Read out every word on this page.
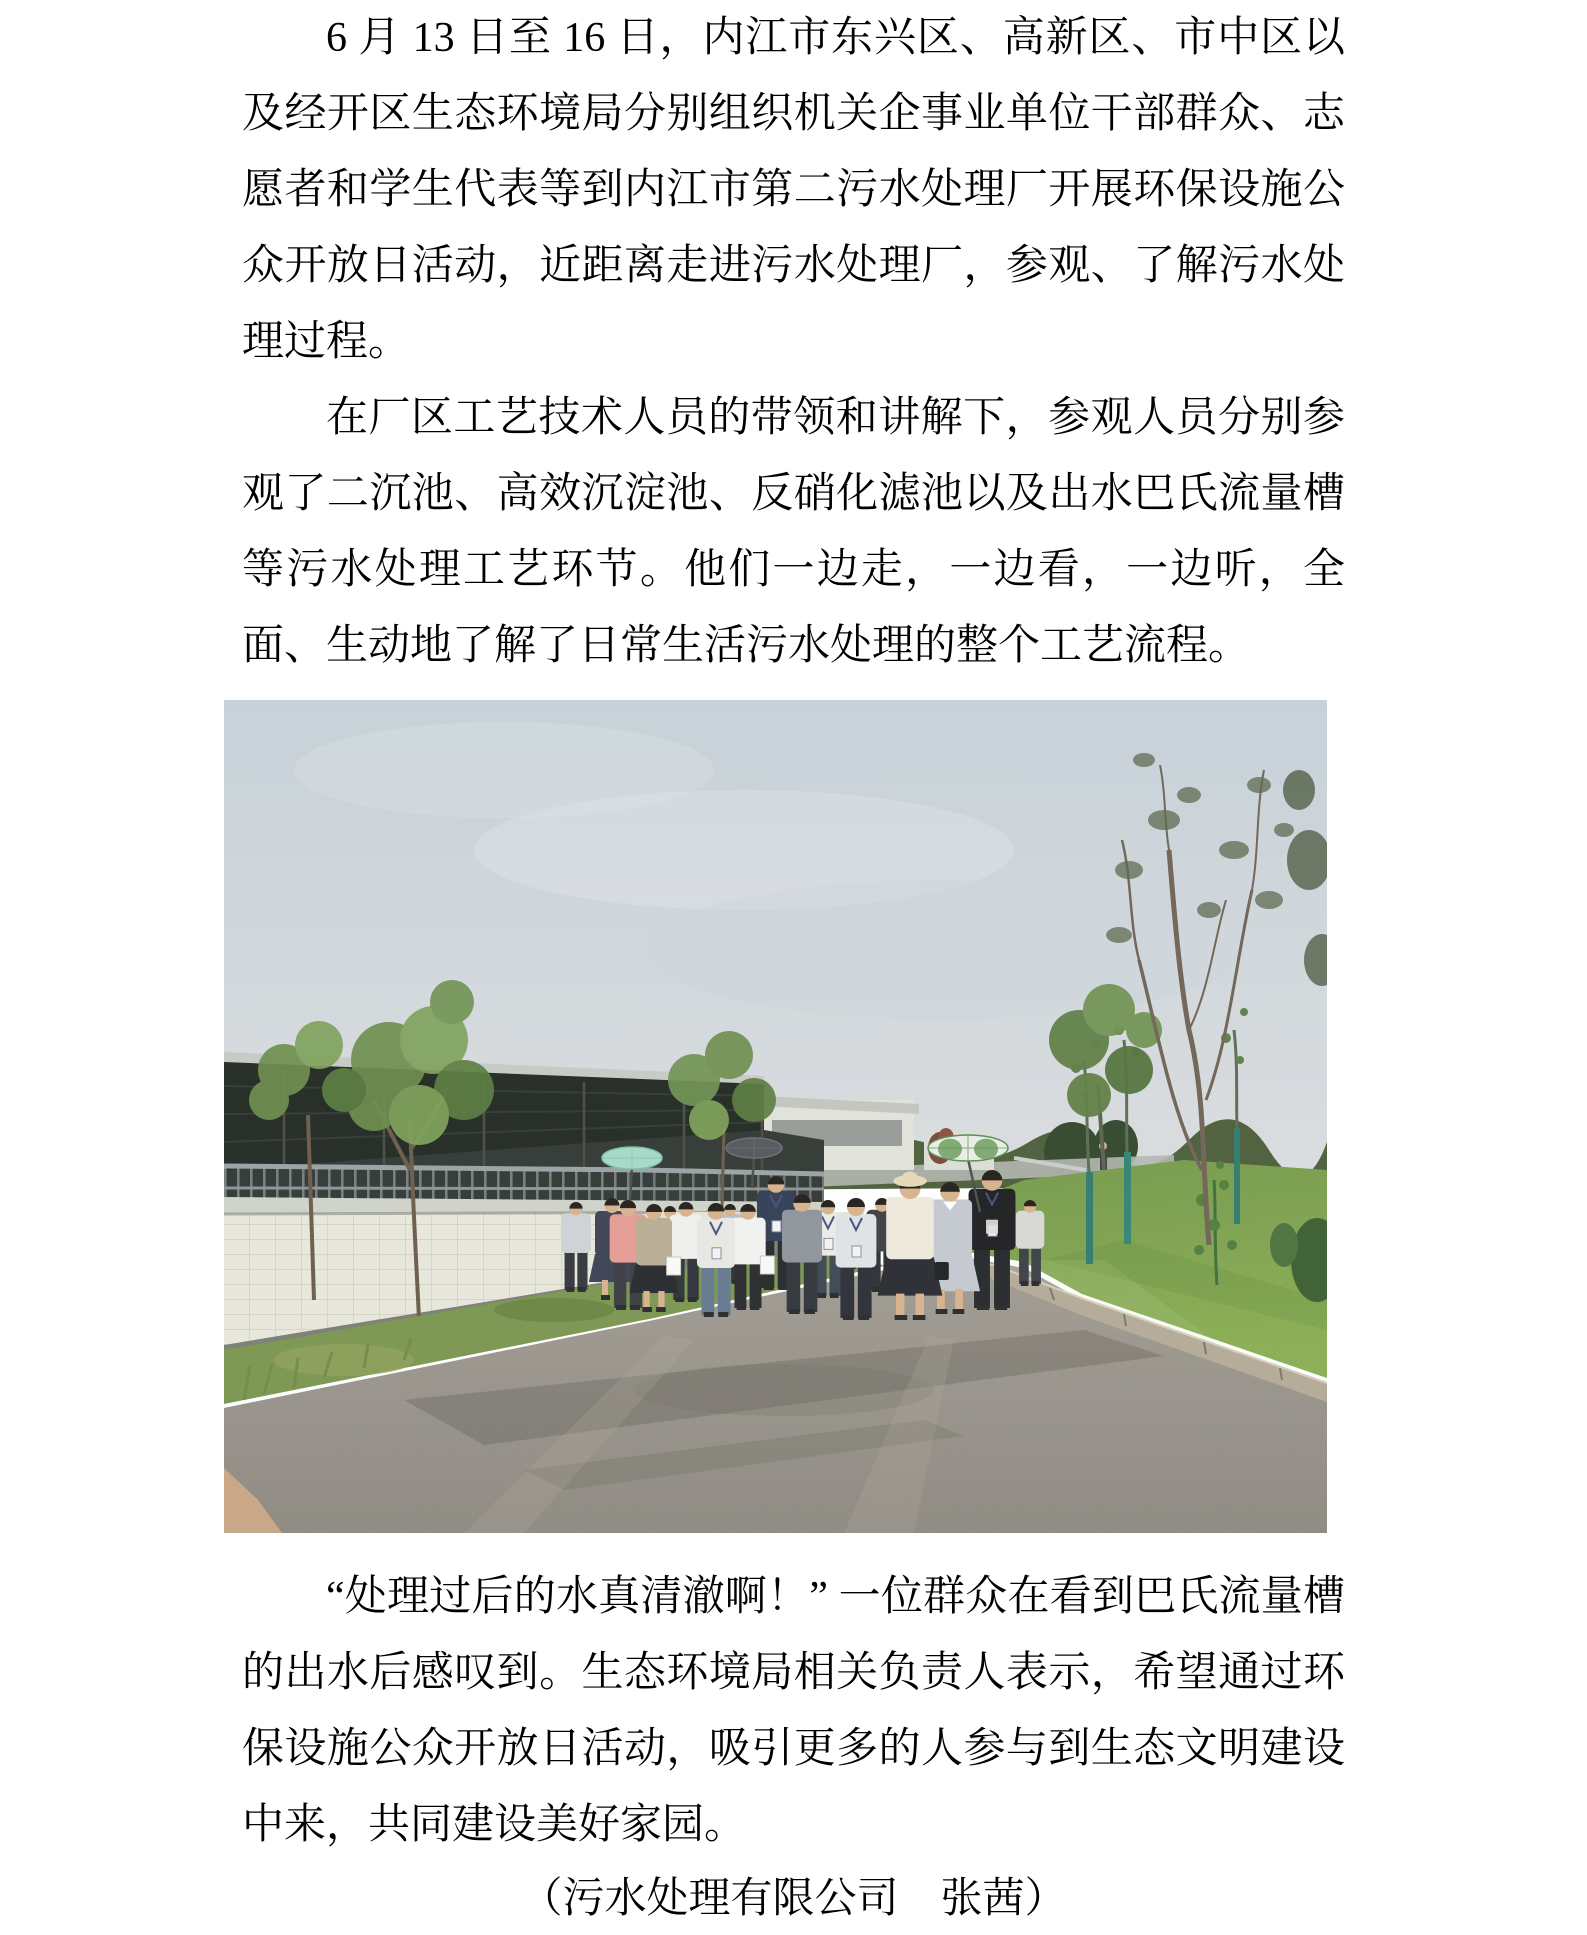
6 月 13 日至 16 日，内江市东兴区、高新区、市中区以及经开区生态环境局分别组织机关企事业单位干部群众、志愿者和学生代表等到内江市第二污水处理厂开展环保设施公众开放日活动，近距离走进污水处理厂，参观、了解污水处理过程。

在厂区工艺技术人员的带领和讲解下，参观人员分别参观了二沉池、高效沉淀池、反硝化滤池以及出水巴氏流量槽等污水处理工艺环节。他们一边走，一边看，一边听，全面、生动地了解了日常生活污水处理的整个工艺流程。

“处理过后的水真清澈啊！” 一位群众在看到巴氏流量槽的出水后感叹到。生态环境局相关负责人表示，希望通过环保设施公众开放日活动，吸引更多的人参与到生态文明建设中来，共同建设美好家园。

（污水处理有限公司　张茜）
